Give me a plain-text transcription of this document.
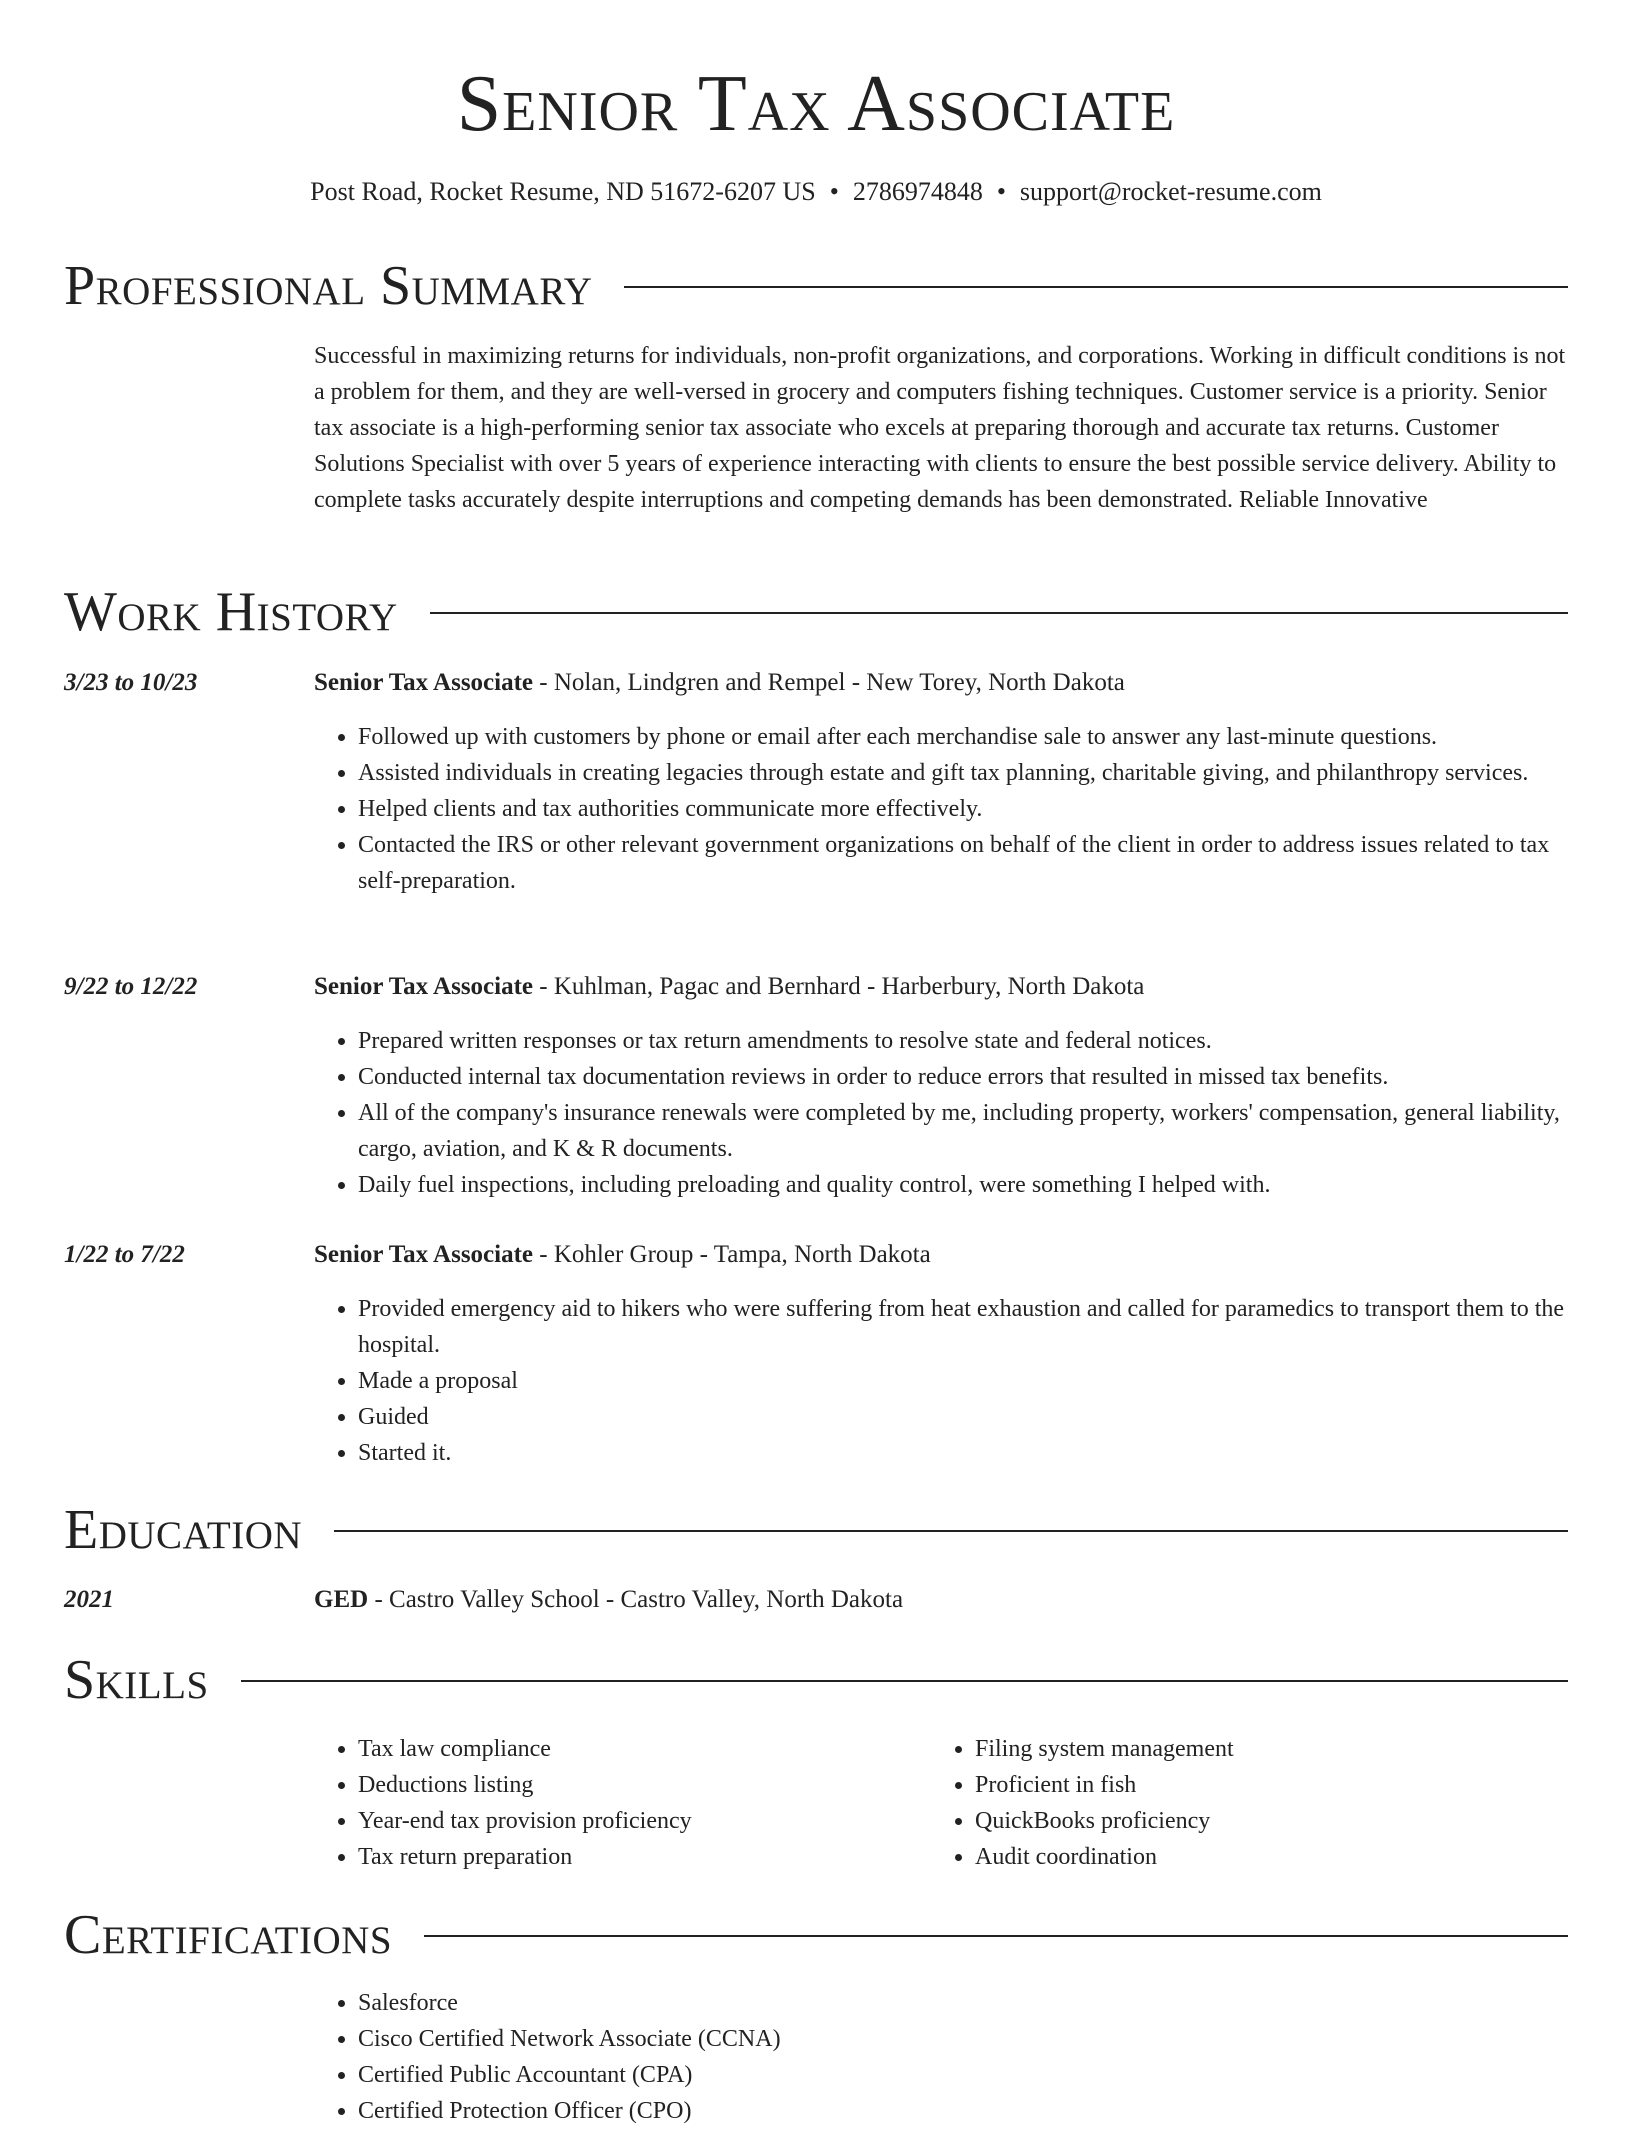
Senior Tax Associate
Post Road, Rocket Resume, ND 51672-6207 US • 2786974848 • support@rocket-resume.com
Professional Summary
Successful in maximizing returns for individuals, non-profit organizations, and corporations. Working in difficult conditions is not a problem for them, and they are well-versed in grocery and computers fishing techniques. Customer service is a priority. Senior tax associate is a high-performing senior tax associate who excels at preparing thorough and accurate tax returns. Customer Solutions Specialist with over 5 years of experience interacting with clients to ensure the best possible service delivery. Ability to complete tasks accurately despite interruptions and competing demands has been demonstrated. Reliable Innovative
Work History
3/23 to 10/23	Senior Tax Associate - Nolan, Lindgren and Rempel - New Torey, North Dakota
• Followed up with customers by phone or email after each merchandise sale to answer any last-minute questions.
• Assisted individuals in creating legacies through estate and gift tax planning, charitable giving, and philanthropy services.
• Helped clients and tax authorities communicate more effectively.
• Contacted the IRS or other relevant government organizations on behalf of the client in order to address issues related to tax self-preparation.
9/22 to 12/22	Senior Tax Associate - Kuhlman, Pagac and Bernhard - Harberbury, North Dakota
• Prepared written responses or tax return amendments to resolve state and federal notices.
• Conducted internal tax documentation reviews in order to reduce errors that resulted in missed tax benefits.
• All of the company's insurance renewals were completed by me, including property, workers' compensation, general liability, cargo, aviation, and K & R documents.
• Daily fuel inspections, including preloading and quality control, were something I helped with.
1/22 to 7/22	Senior Tax Associate - Kohler Group - Tampa, North Dakota
• Provided emergency aid to hikers who were suffering from heat exhaustion and called for paramedics to transport them to the hospital.
• Made a proposal
• Guided
• Started it.
Education
2021	GED - Castro Valley School - Castro Valley, North Dakota
Skills
• Tax law compliance
• Deductions listing
• Year-end tax provision proficiency
• Tax return preparation
• Filing system management
• Proficient in fish
• QuickBooks proficiency
• Audit coordination
Certifications
• Salesforce
• Cisco Certified Network Associate (CCNA)
• Certified Public Accountant (CPA)
• Certified Protection Officer (CPO)
